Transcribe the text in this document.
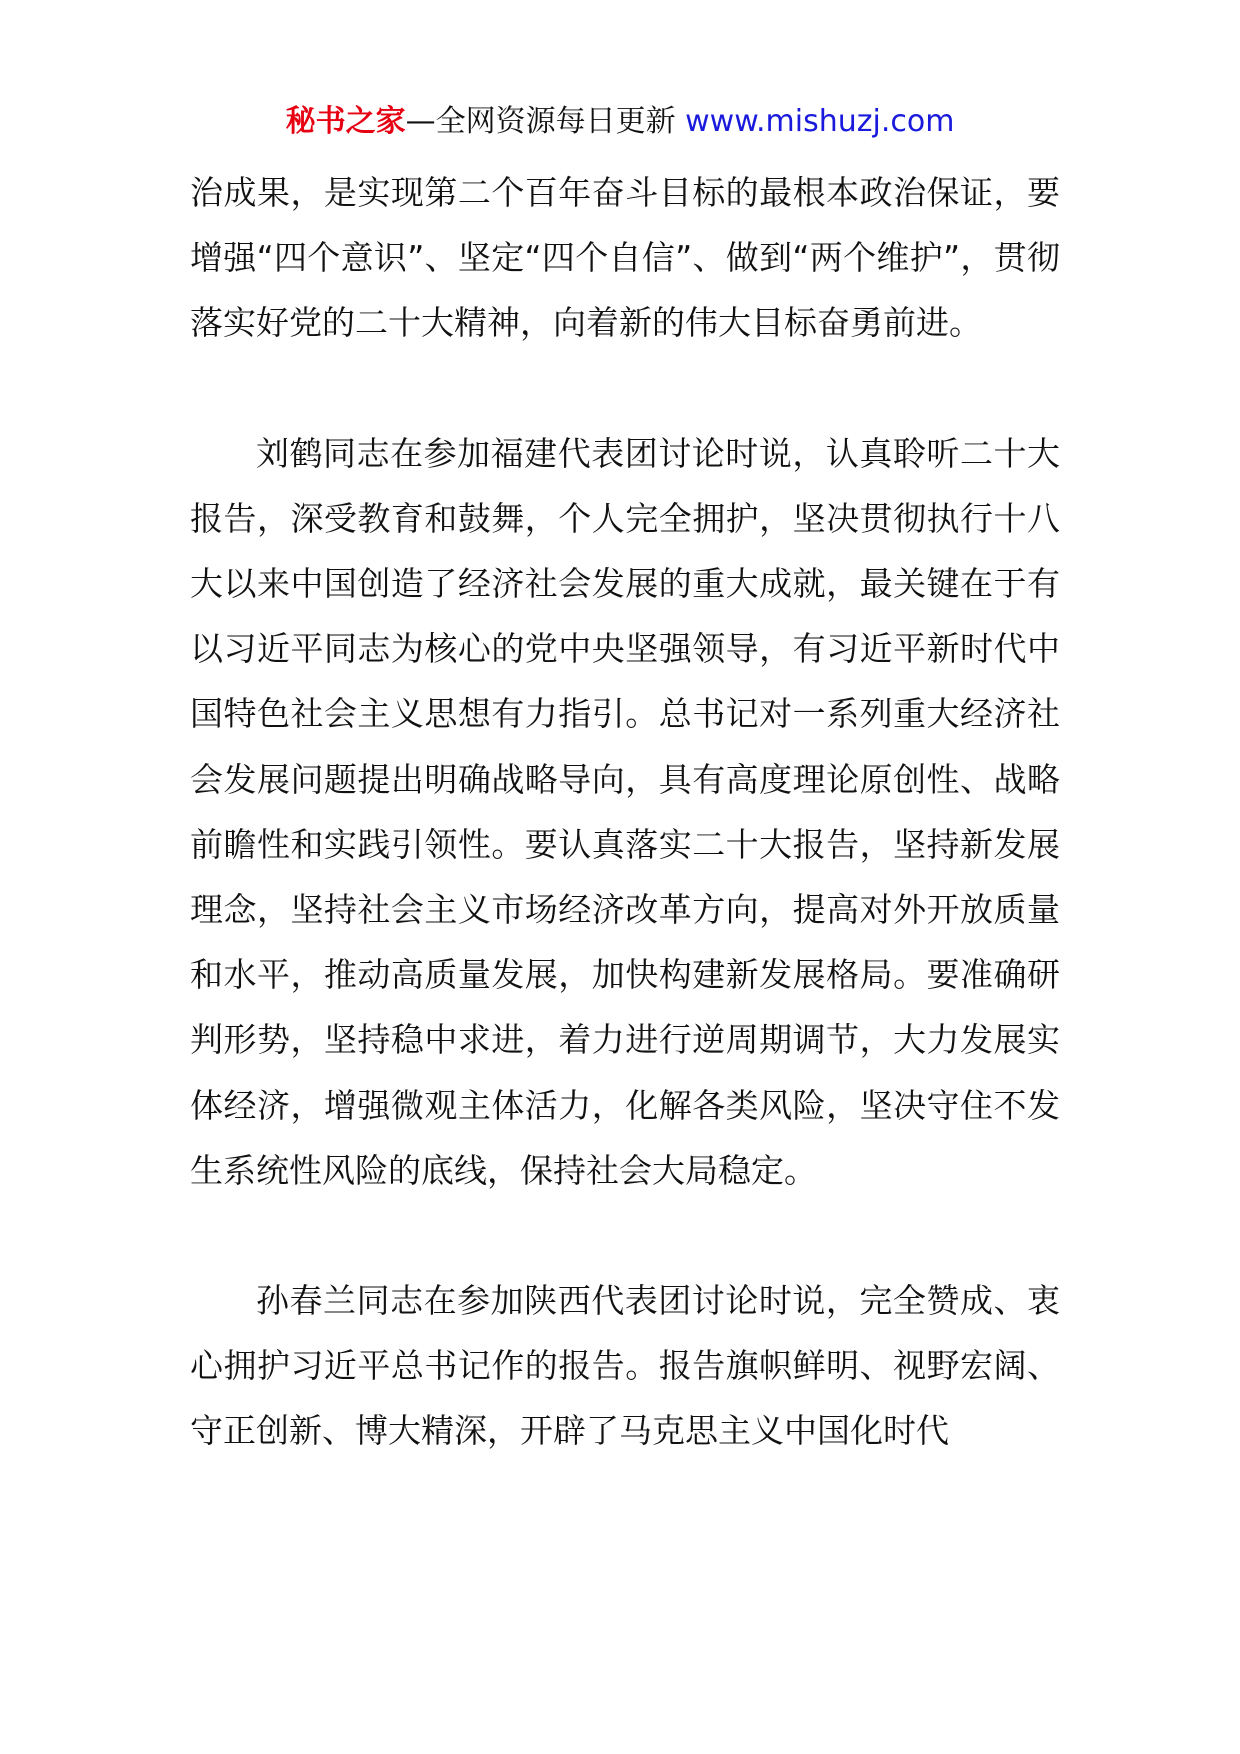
秘书之家—全网资源每日更新 www.mishuzj.com

治成果，是实现第二个百年奋斗目标的最根本政治保证，要增强“四个意识”、坚定“四个自信”、做到“两个维护”，贯彻落实好党的二十大精神，向着新的伟大目标奋勇前进。

刘鹤同志在参加福建代表团讨论时说，认真聆听二十大报告，深受教育和鼓舞，个人完全拥护，坚决贯彻执行十八大以来中国创造了经济社会发展的重大成就，最关键在于有以习近平同志为核心的党中央坚强领导，有习近平新时代中国特色社会主义思想有力指引。总书记对一系列重大经济社会发展问题提出明确战略导向，具有高度理论原创性、战略前瞻性和实践引领性。要认真落实二十大报告，坚持新发展理念，坚持社会主义市场经济改革方向，提高对外开放质量和水平，推动高质量发展，加快构建新发展格局。要准确研判形势，坚持稳中求进，着力进行逆周期调节，大力发展实体经济，增强微观主体活力，化解各类风险，坚决守住不发生系统性风险的底线，保持社会大局稳定。

孙春兰同志在参加陕西代表团讨论时说，完全赞成、衷心拥护习近平总书记作的报告。报告旗帜鲜明、视野宏阔、守正创新、博大精深，开辟了马克思主义中国化时代
